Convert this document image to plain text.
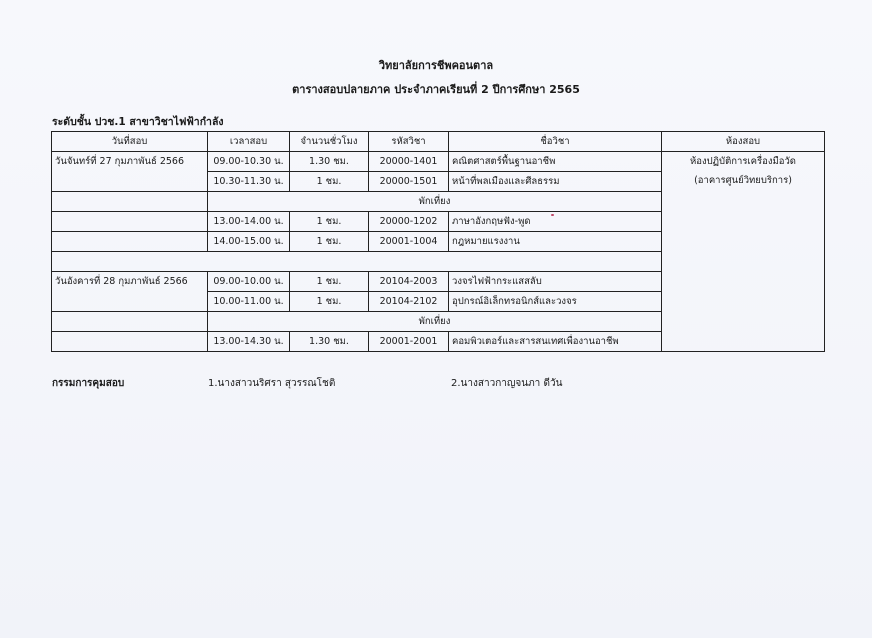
วิทยาลัยการชีพคอนตาล
ตารางสอบปลายภาค ประจำภาคเรียนที่ 2 ปีการศึกษา 2565
ระดับชั้น ปวช.1 สาขาวิชาไฟฟ้ากำลัง
วันที่สอบ	เวลาสอบ	จำนวนชั่วโมง	รหัสวิชา	ชื่อวิชา	ห้องสอบ
วันจันทร์ที่ 27 กุมภาพันธ์ 2566	09.00-10.30 น.	1.30 ชม.	20000-1401	คณิตศาสตร์พื้นฐานอาชีพ	ห้องปฏิบัติการเครื่องมือวัด
(อาคารศูนย์วิทยบริการ)

	10.30-11.30 น.	1 ชม.	20000-1501	หน้าที่พลเมืองและศีลธรรม	
	พักเที่ยง				
	13.00-14.00 น.	1 ชม.	20000-1202	ภาษาอังกฤษฟัง-พูด	
	14.00-15.00 น.	1 ชม.	20001-1004	กฎหมายแรงงาน	

วันอังคารที่ 28 กุมภาพันธ์ 2566	09.00-10.00 น.	1 ชม.	20104-2003	วงจรไฟฟ้ากระแสสลับ	
	10.00-11.00 น.	1 ชม.	20104-2102	อุปกรณ์อิเล็กทรอนิกส์และวงจร	
	พักเที่ยง				
	13.00-14.30 น.	1.30 ชม.	20001-2001	คอมพิวเตอร์และสารสนเทศเพื่องานอาชีพ	
กรรมการคุมสอบ	1.นางสาวนริศรา สุวรรณโชติ	2.นางสาวกาญจนภา ดีวัน
